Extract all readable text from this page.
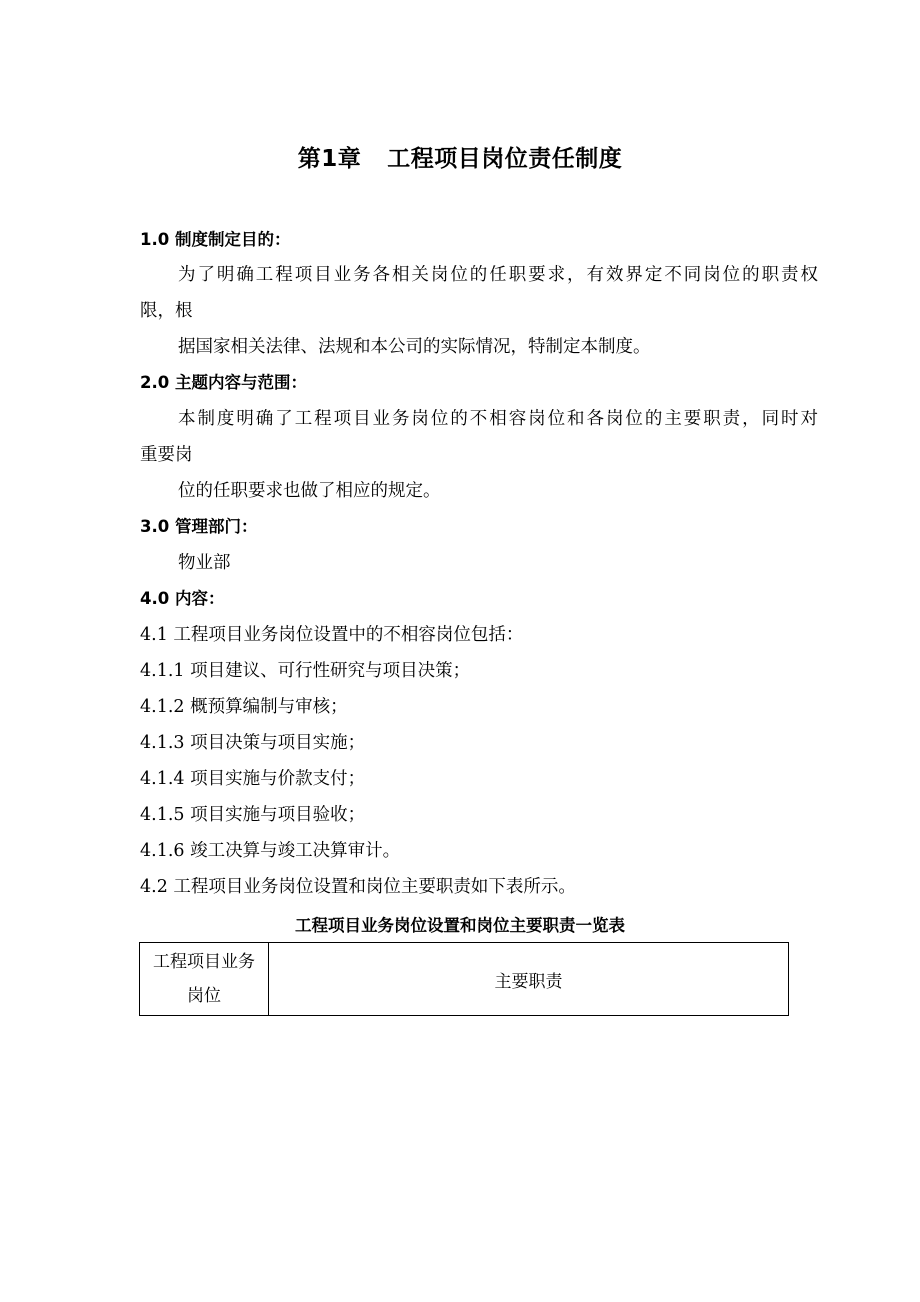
第1章 工程项目岗位责任制度
1.0 制度制定目的：
为了明确工程项目业务各相关岗位的任职要求，有效界定不同岗位的职责权
限，根
据国家相关法律、法规和本公司的实际情况，特制定本制度。
2.0 主题内容与范围：
本制度明确了工程项目业务岗位的不相容岗位和各岗位的主要职责，同时对
重要岗
位的任职要求也做了相应的规定。
3.0 管理部门：
物业部
4.0 内容：
4.1 工程项目业务岗位设置中的不相容岗位包括：
4.1.1 项目建议、可行性研究与项目决策；
4.1.2 概预算编制与审核；
4.1.3 项目决策与项目实施；
4.1.4 项目实施与价款支付；
4.1.5 项目实施与项目验收；
4.1.6 竣工决算与竣工决算审计。
4.2 工程项目业务岗位设置和岗位主要职责如下表所示。
工程项目业务岗位设置和岗位主要职责一览表
工程项目业务
岗位
	主要职责
